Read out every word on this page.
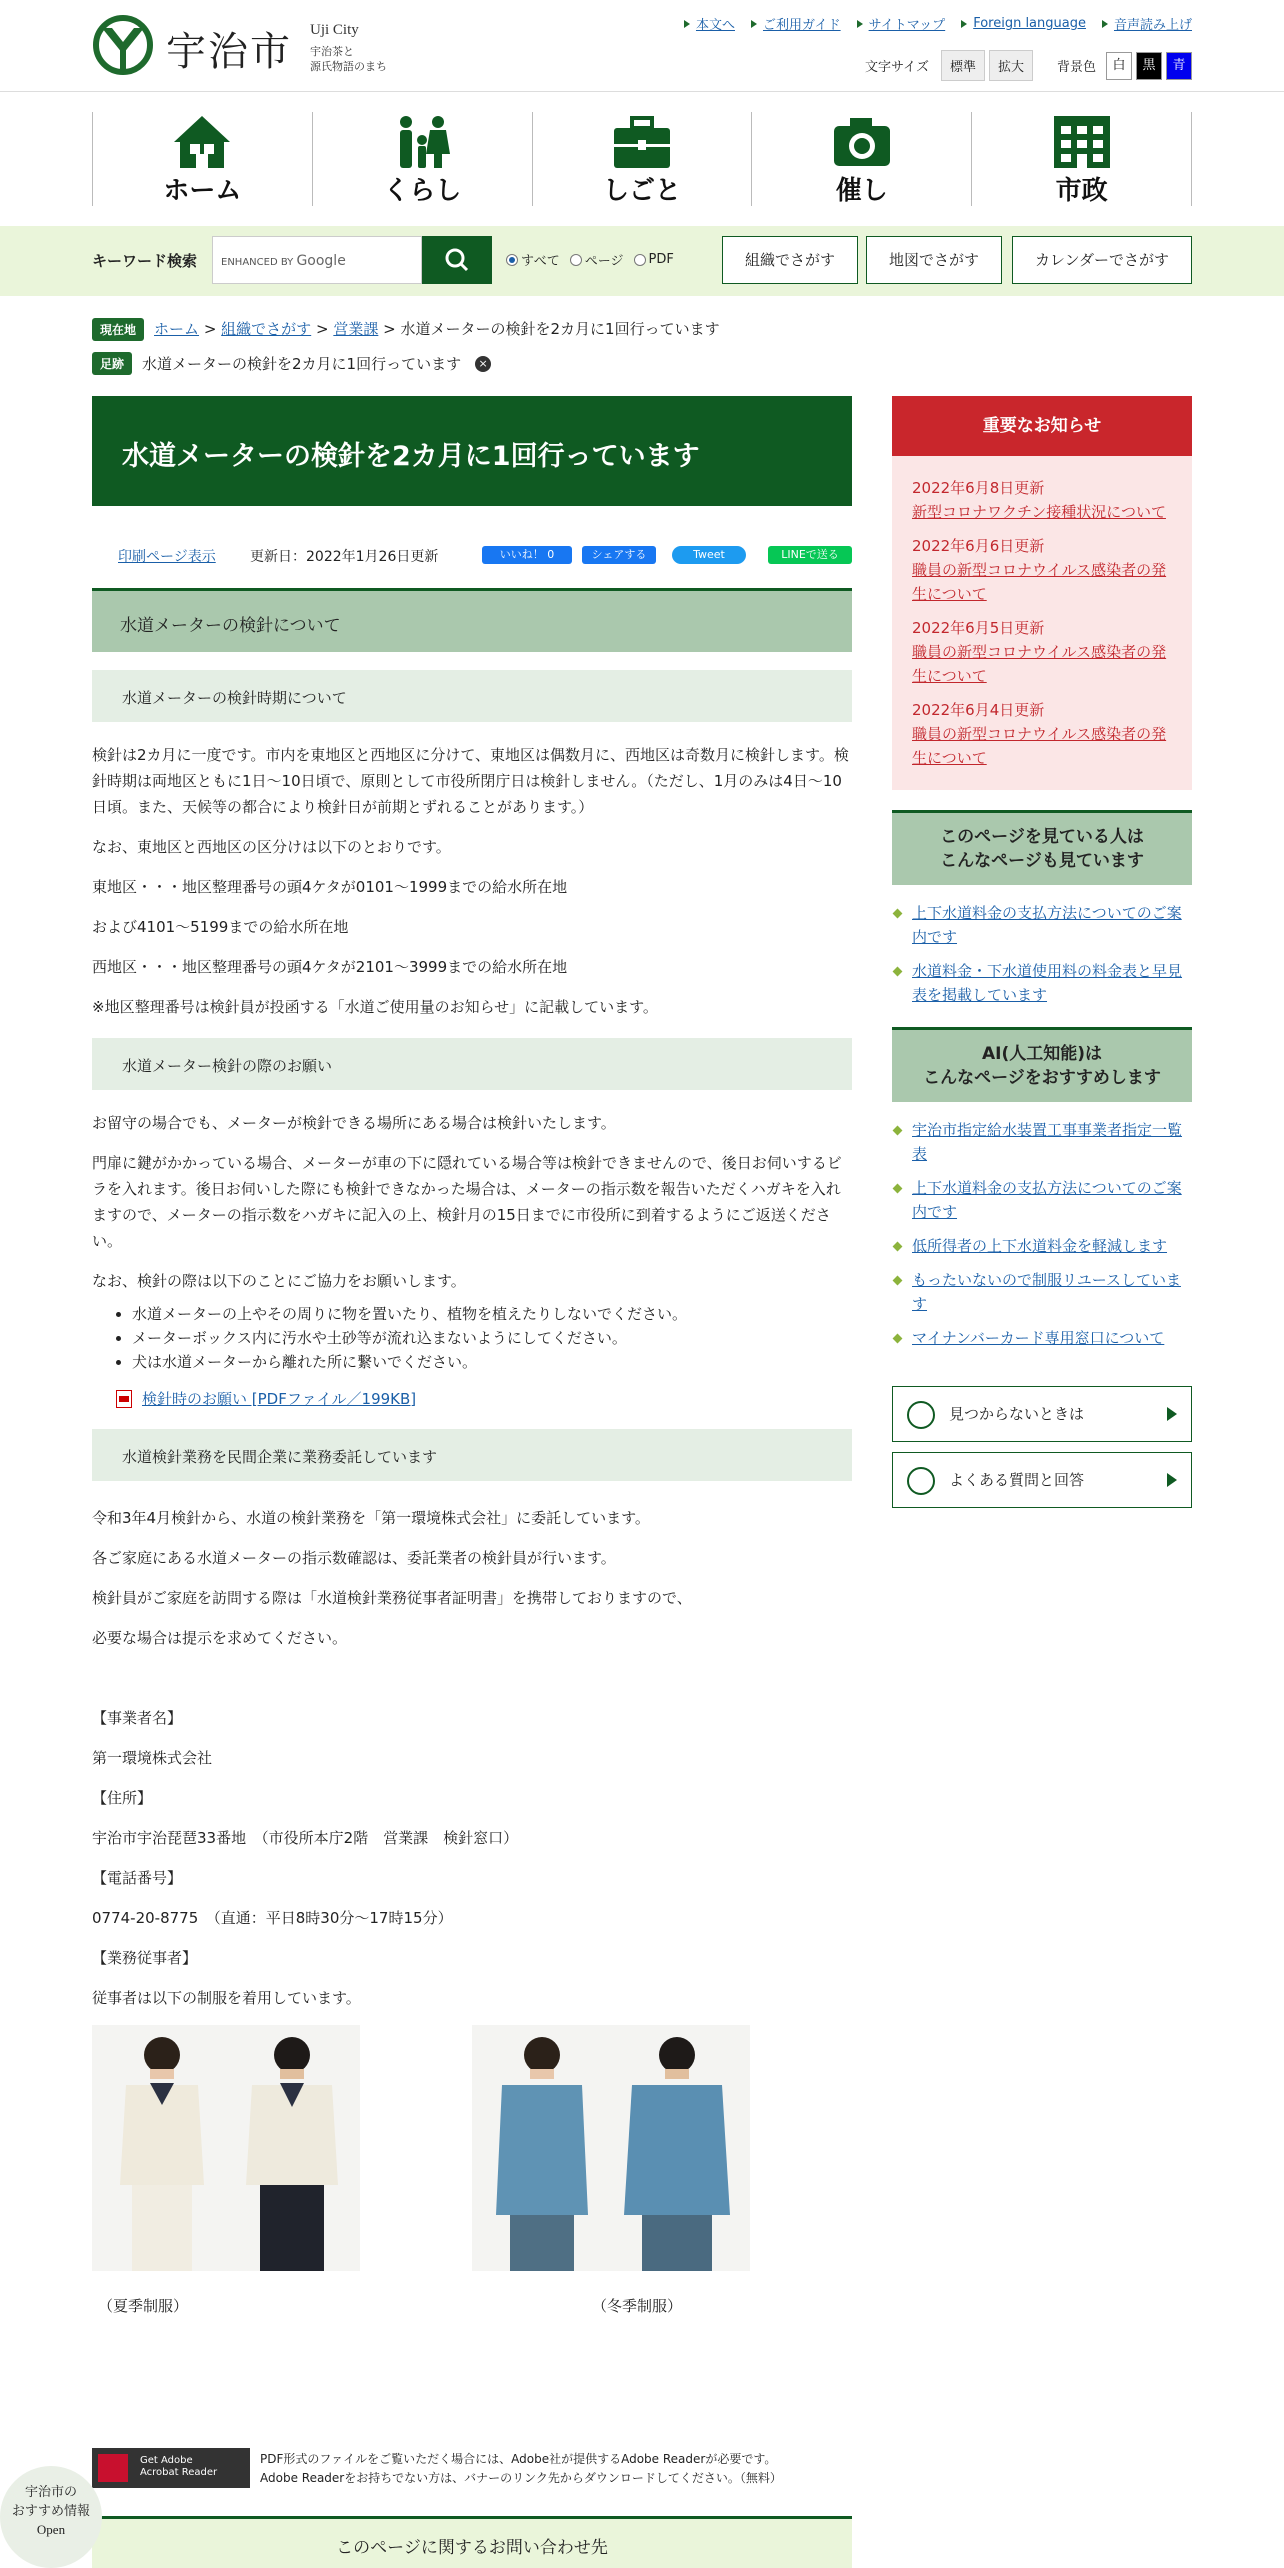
宇治市 Uji City
宇治茶と
源氏物語のまち
本文へ ご利用ガイド サイトマップ Foreign language 音声読み上げ
文字サイズ	標準	拡大	背景色	白	黒	青
ホーム	くらし	しごと	催し	市政
キーワード検索	ENHANCED BY Google	すべて ページ PDF	組織でさがす	地図でさがす	カレンダーでさがす
現在地 ホーム > 組織でさがす > 営業課 > 水道メーターの検針を2カ月に1回行っています
足跡	水道メーターの検針を2カ月に1回行っています	×
水道メーターの検針を2カ月に1回行っています
印刷ページ表示 更新日：2022年1月26日更新	いいね！ 0	シェアする	Tweet	LINEで送る
水道メーターの検針について
水道メーターの検針時期について

検針は2カ月に一度です。市内を東地区と西地区に分けて、東地区は偶数月に、西地区は奇数月に検針します。検針時期は両地区ともに1日～10日頃で、原則として市役所閉庁日は検針しません。（ただし、1月のみは4日～10日頃。また、天候等の都合により検針日が前期とずれることがあります。）

なお、東地区と西地区の区分けは以下のとおりです。

東地区・・・地区整理番号の頭4ケタが0101～1999までの給水所在地

および4101～5199までの給水所在地

西地区・・・地区整理番号の頭4ケタが2101～3999までの給水所在地

※地区整理番号は検針員が投函する「水道ご使用量のお知らせ」に記載しています。

水道メーター検針の際のお願い

お留守の場合でも、メーターが検針できる場所にある場合は検針いたします。

門扉に鍵がかかっている場合、メーターが車の下に隠れている場合等は検針できませんので、後日お伺いするビラを入れます。後日お伺いした際にも検針できなかった場合は、メーターの指示数を報告いただくハガキを入れますので、メーターの指示数をハガキに記入の上、検針月の15日までに市役所に到着するようにご返送ください。

なお、検針の際は以下のことにご協力をお願いします。

• 水道メーターの上やその周りに物を置いたり、植物を植えたりしないでください。
• メーターボックス内に汚水や土砂等が流れ込まないようにしてください。
• 犬は水道メーターから離れた所に繋いでください。
検針時のお願い [PDFファイル／199KB]
水道検針業務を民間企業に業務委託しています

令和3年4月検針から、水道の検針業務を「第一環境株式会社」に委託しています。

各ご家庭にある水道メーターの指示数確認は、委託業者の検針員が行います。

検針員がご家庭を訪問する際は「水道検針業務従事者証明書」を携帯しておりますので、

必要な場合は提示を求めてください。

【事業者名】

第一環境株式会社

【住所】

宇治市宇治琵琶33番地　（市役所本庁2階　営業課　検針窓口）

【電話番号】

0774-20-8775　（直通：平日8時30分～17時15分）

【業務従事者】

従事者は以下の制服を着用しています。

（夏季制服）	（冬季制服）
Get Adobe
Acrobat Reader
PDF形式のファイルをご覧いただく場合には、Adobe社が提供するAdobe Readerが必要です。
Adobe Readerをお持ちでない方は、バナーのリンク先からダウンロードしてください。（無料）
このページに関するお問い合わせ先
宇治市の
おすすめ情報
Open
重要なお知らせ
2022年6月8日更新
新型コロナワクチン接種状況について
2022年6月6日更新
職員の新型コロナウイルス感染者の発生について
2022年6月5日更新
職員の新型コロナウイルス感染者の発生について
2022年6月4日更新
職員の新型コロナウイルス感染者の発生について
このページを見ている人は
こんなページも見ています
上下水道料金の支払方法についてのご案内です
水道料金・下水道使用料の料金表と早見表を掲載しています
AI(人工知能)は
こんなページをおすすめします
宇治市指定給水装置工事事業者指定一覧表
上下水道料金の支払方法についてのご案内です
低所得者の上下水道料金を軽減します
もったいないので制服リユースしています
マイナンバーカード専用窓口について
見つからないときは
よくある質問と回答
